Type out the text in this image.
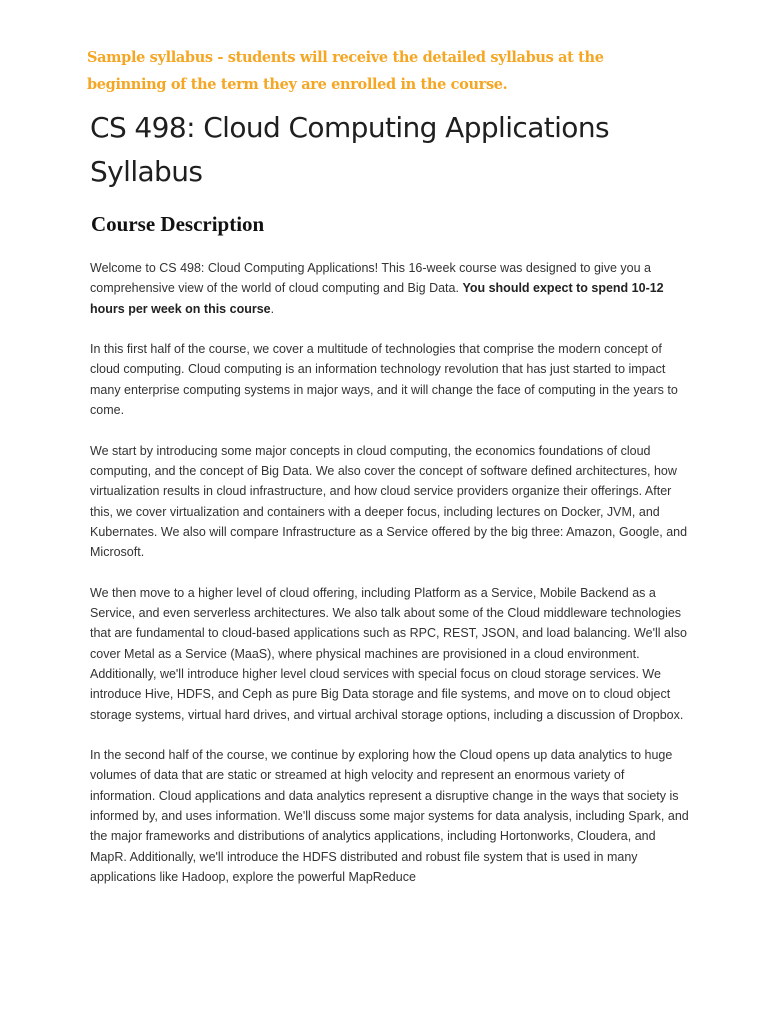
Sample syllabus - students will receive the detailed syllabus at the beginning of the term they are enrolled in the course.

CS 498: Cloud Computing Applications Syllabus
Course Description

Welcome to CS 498: Cloud Computing Applications! This 16-week course was designed to give you a comprehensive view of the world of cloud computing and Big Data. You should expect to spend 10-12 hours per week on this course.

In this first half of the course, we cover a multitude of technologies that comprise the modern concept of cloud computing. Cloud computing is an information technology revolution that has just started to impact many enterprise computing systems in major ways, and it will change the face of computing in the years to come.

We start by introducing some major concepts in cloud computing, the economics foundations of cloud computing, and the concept of Big Data. We also cover the concept of software defined architectures, how virtualization results in cloud infrastructure, and how cloud service providers organize their offerings. After this, we cover virtualization and containers with a deeper focus, including lectures on Docker, JVM, and Kubernates. We also will compare Infrastructure as a Service offered by the big three: Amazon, Google, and Microsoft.

We then move to a higher level of cloud offering, including Platform as a Service, Mobile Backend as a Service, and even serverless architectures. We also talk about some of the Cloud middleware technologies that are fundamental to cloud-based applications such as RPC, REST, JSON, and load balancing. We'll also cover Metal as a Service (MaaS), where physical machines are provisioned in a cloud environment. Additionally, we'll introduce higher level cloud services with special focus on cloud storage services. We introduce Hive, HDFS, and Ceph as pure Big Data storage and file systems, and move on to cloud object storage systems, virtual hard drives, and virtual archival storage options, including a discussion of Dropbox.

In the second half of the course, we continue by exploring how the Cloud opens up data analytics to huge volumes of data that are static or streamed at high velocity and represent an enormous variety of information. Cloud applications and data analytics represent a disruptive change in the ways that society is informed by, and uses information. We'll discuss some major systems for data analysis, including Spark, and the major frameworks and distributions of analytics applications, including Hortonworks, Cloudera, and MapR. Additionally, we'll introduce the HDFS distributed and robust file system that is used in many applications like Hadoop, explore the powerful MapReduce
